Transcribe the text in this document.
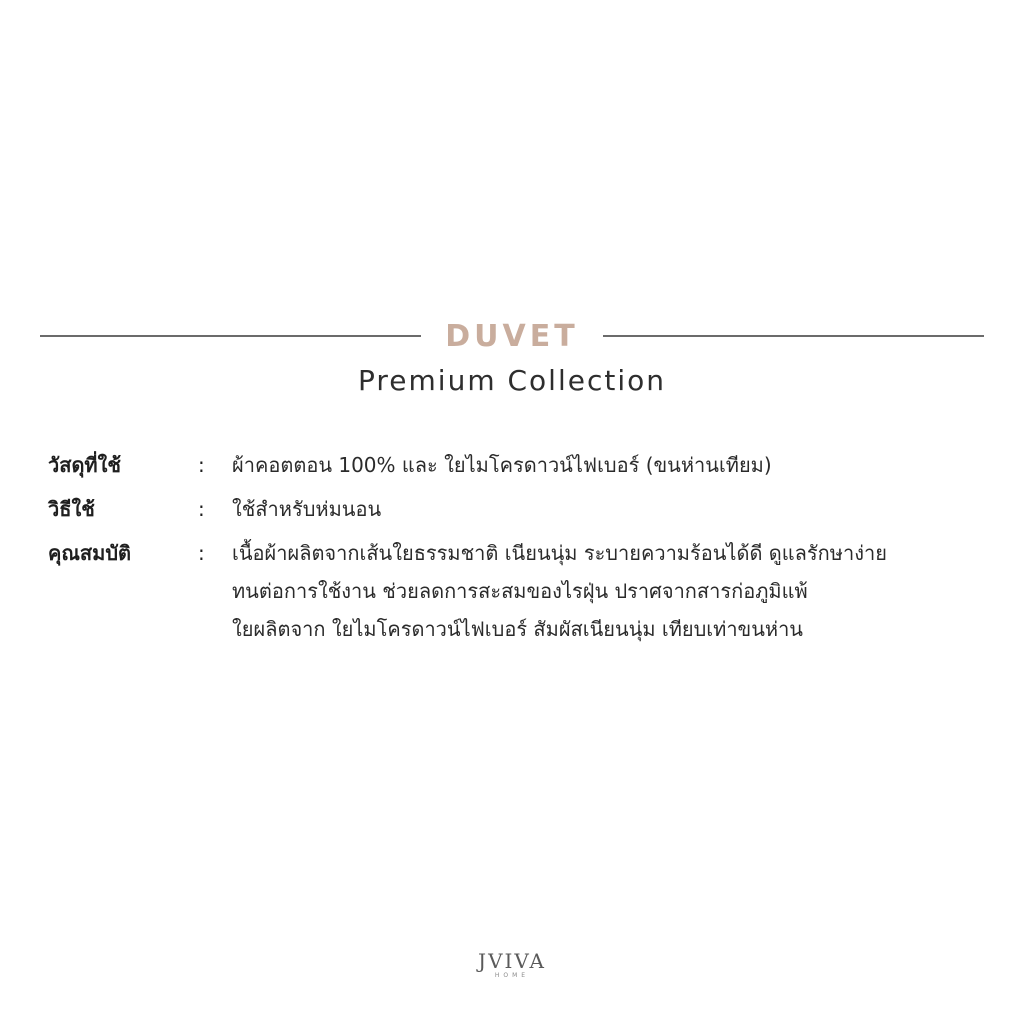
DUVET
Premium Collection
วัสดุที่ใช้	:	ผ้าคอตตอน 100% และ ใยไมโครดาวน์ไฟเบอร์ (ขนห่านเทียม)
วิธีใช้	:	ใช้สำหรับห่มนอน
คุณสมบัติ	:	เนื้อผ้าผลิตจากเส้นใยธรรมชาติ เนียนนุ่ม ระบายความร้อนได้ดี ดูแลรักษาง่าย
ทนต่อการใช้งาน ช่วยลดการสะสมของไรฝุ่น ปราศจากสารก่อภูมิแพ้
ใยผลิตจาก ใยไมโครดาวน์ไฟเบอร์ สัมผัสเนียนนุ่ม เทียบเท่าขนห่าน
JVIVA
HOME
